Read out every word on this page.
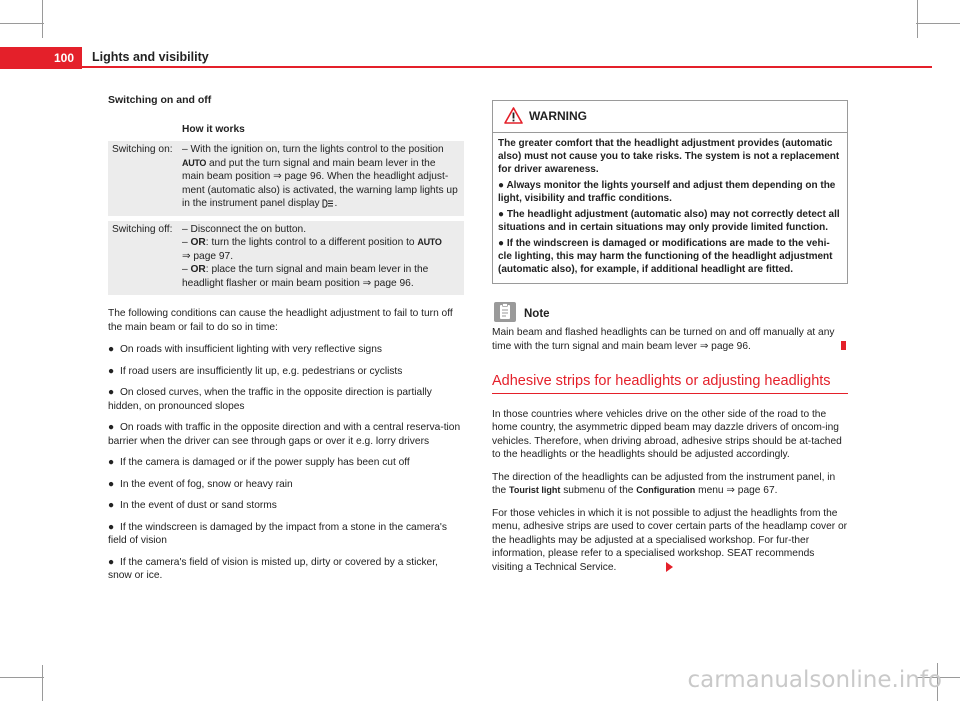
100	Lights and visibility
Switching on and off
	How it works
Switching on:	– With the ignition on, turn the lights control to the position AUTO and put the turn signal and main beam lever in the main beam position ⇒ page 96. When the headlight adjust-ment (automatic also) is activated, the warning lamp lights up in the instrument panel display .
Switching off:	– Disconnect the on button.
– OR: turn the lights control to a different position to AUTO
⇒ page 97.
– OR: place the turn signal and main beam lever in the headlight flasher or main beam position ⇒ page 96.

The following conditions can cause the headlight adjustment to fail to turn off the main beam or fail to do so in time:

● On roads with insufficient lighting with very reflective signs

● If road users are insufficiently lit up, e.g. pedestrians or cyclists

● On closed curves, when the traffic in the opposite direction is partially hidden, on pronounced slopes

● On roads with traffic in the opposite direction and with a central reserva-tion barrier when the driver can see through gaps or over it e.g. lorry drivers

● If the camera is damaged or if the power supply has been cut off

● In the event of fog, snow or heavy rain

● In the event of dust or sand storms

● If the windscreen is damaged by the impact from a stone in the camera's field of vision

● If the camera's field of vision is misted up, dirty or covered by a sticker, snow or ice.

WARNING

The greater comfort that the headlight adjustment provides (automatic also) must not cause you to take risks. The system is not a replacement for driver awareness.

● Always monitor the lights yourself and adjust them depending on the light, visibility and traffic conditions.

● The headlight adjustment (automatic also) may not correctly detect all situations and in certain situations may only provide limited function.

● If the windscreen is damaged or modifications are made to the vehi-cle lighting, this may harm the functioning of the headlight adjustment (automatic also), for example, if additional headlight are fitted.

Note

Main beam and flashed headlights can be turned on and off manually at any time with the turn signal and main beam lever ⇒ page 96.

Adhesive strips for headlights or adjusting headlights

In those countries where vehicles drive on the other side of the road to the home country, the asymmetric dipped beam may dazzle drivers of oncom-ing vehicles. Therefore, when driving abroad, adhesive strips should be at-tached to the headlights or the headlights should be adjusted accordingly.

The direction of the headlights can be adjusted from the instrument panel, in the Tourist light submenu of the Configuration menu ⇒ page 67.

For those vehicles in which it is not possible to adjust the headlights from the menu, adhesive strips are used to cover certain parts of the headlamp cover or the headlights may be adjusted at a specialised workshop. For fur-ther information, please refer to a specialised workshop. SEAT recommends visiting a Technical Service.

carmanualsonline.info
